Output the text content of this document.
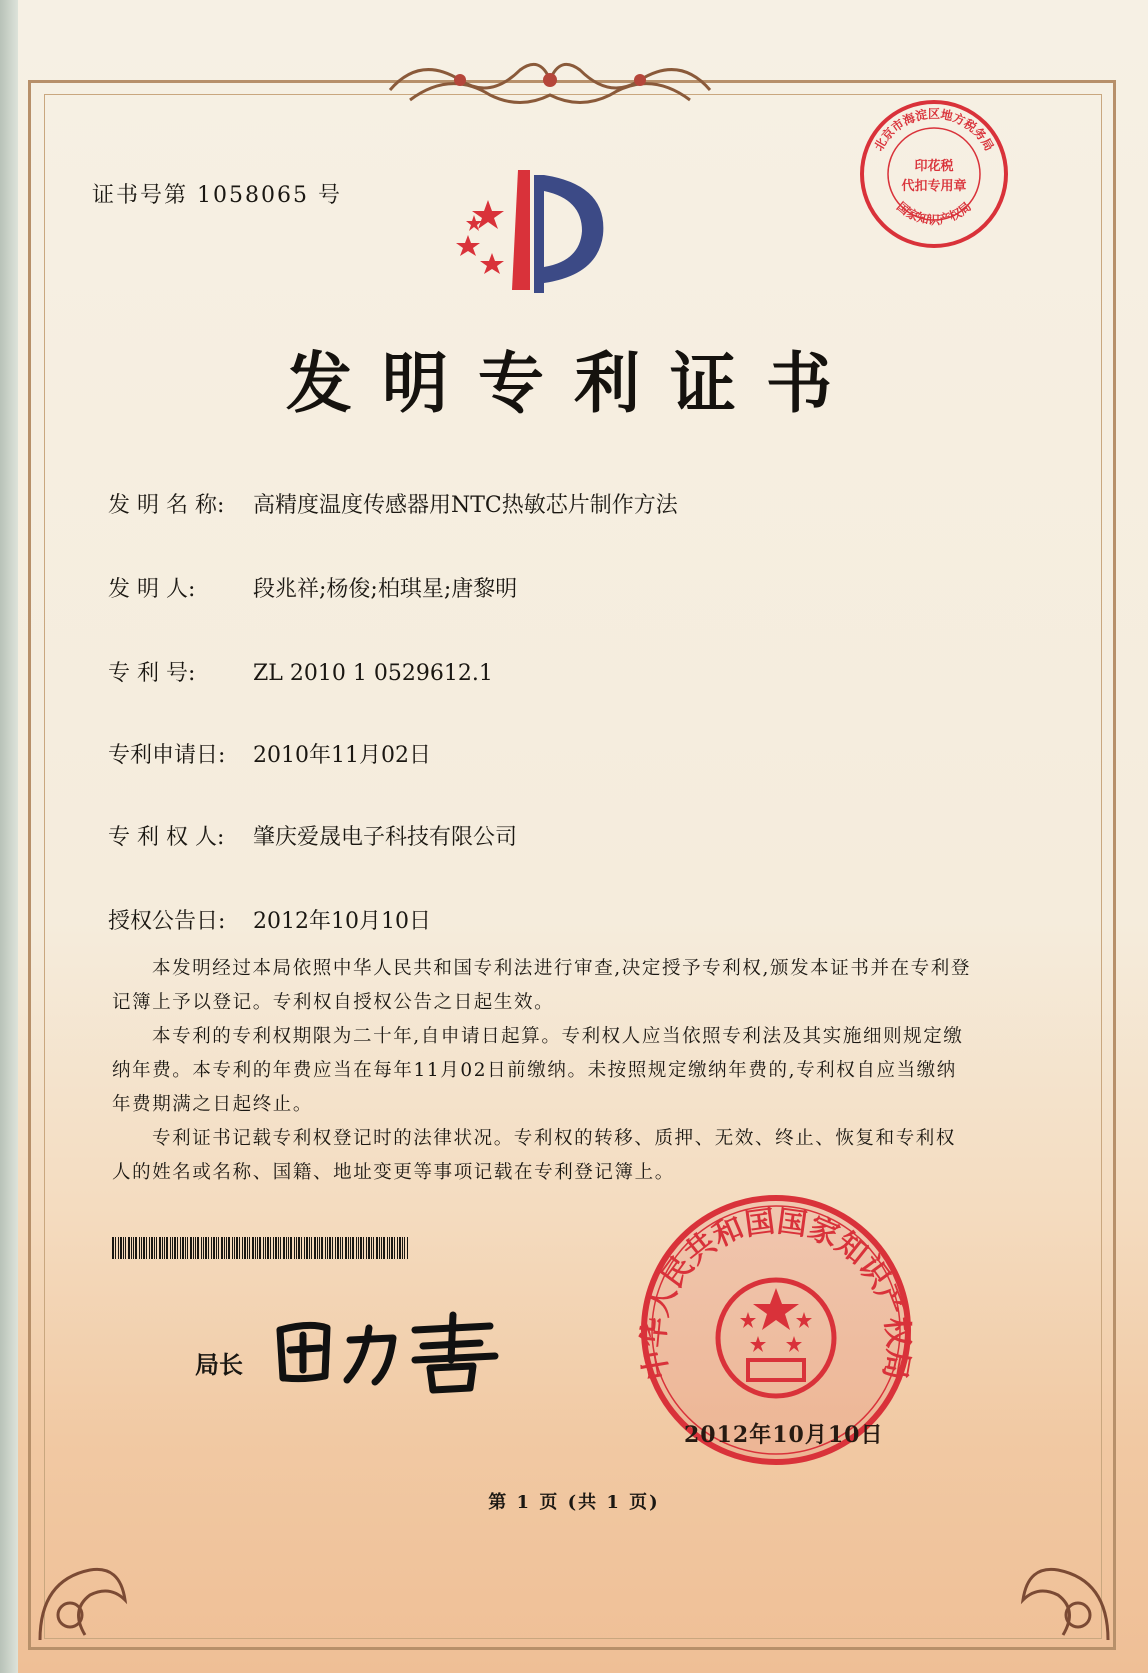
证书号第 1058065 号
北京市海淀区地方税务局
印花税
代扣专用章
国家知识产权局
发明专利证书
发 明 名 称: 高精度温度传感器用NTC热敏芯片制作方法
发 明 人:	段兆祥;杨俊;柏琪星;唐黎明
专 利 号:	ZL 2010 1 0529612.1
专利申请日: 2010年11月02日
专 利 权 人: 肇庆爱晟电子科技有限公司
授权公告日: 2012年10月10日
本发明经过本局依照中华人民共和国专利法进行审查,决定授予专利权,颁发本证书并在专利登记簿上予以登记。专利权自授权公告之日起生效。
本专利的专利权期限为二十年,自申请日起算。专利权人应当依照专利法及其实施细则规定缴纳年费。本专利的年费应当在每年11月02日前缴纳。未按照规定缴纳年费的,专利权自应当缴纳年费期满之日起终止。
专利证书记载专利权登记时的法律状况。专利权的转移、质押、无效、终止、恢复和专利权人的姓名或名称、国籍、地址变更等事项记载在专利登记簿上。
局长	中华人民共和国国家知识产权局
2012年10月10日
第 1 页 (共 1 页)
